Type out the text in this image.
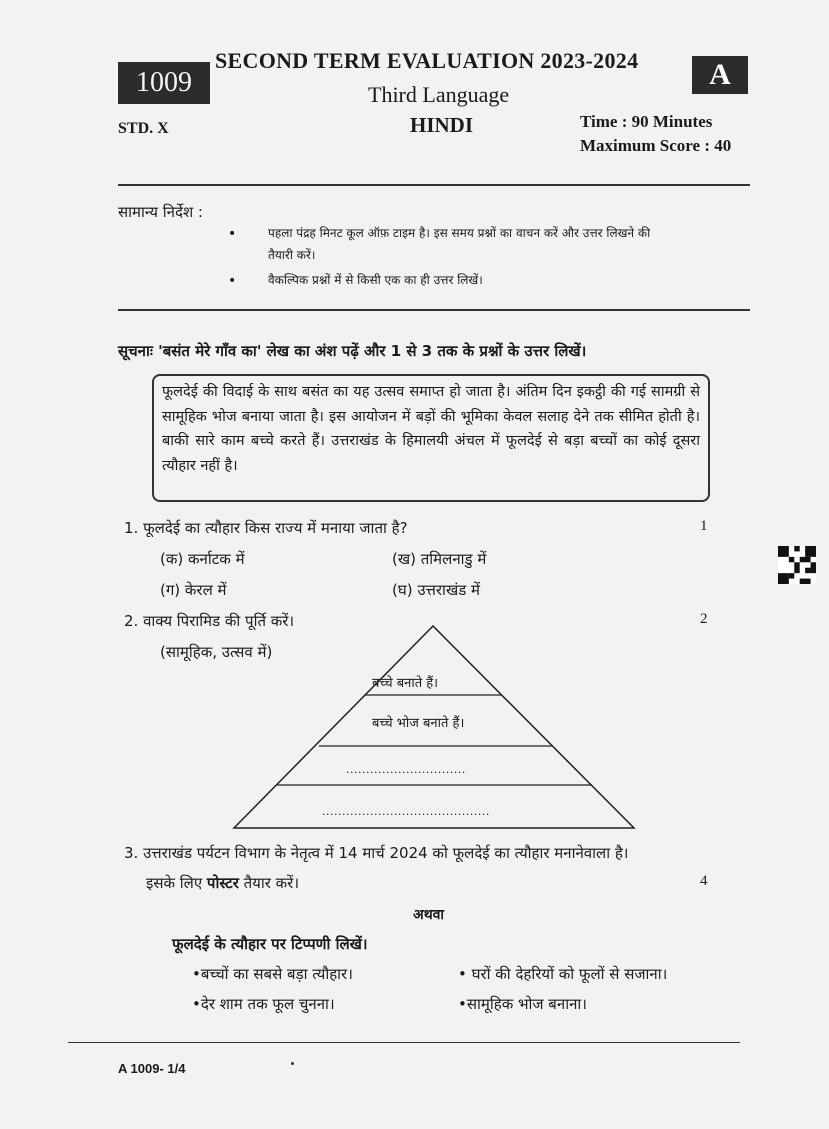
1009
SECOND TERM EVALUATION 2023-2024	A
Third Language
HINDI
STD. X	Time : 90 Minutes
Maximum Score : 40
सामान्य निर्देश :
•	पहला पंद्रह मिनट कूल ऑफ़ टाइम है। इस समय प्रश्नों का वाचन करें और उत्तर लिखने की
तैयारी करें।
•	वैकल्पिक प्रश्नों में से किसी एक का ही उत्तर लिखें।
सूचनाः 'बसंत मेरे गाँव का' लेख का अंश पढ़ें और 1 से 3 तक के प्रश्नों के उत्तर लिखें।
फूलदेई की विदाई के साथ बसंत का यह उत्सव समाप्त हो जाता है। अंतिम दिन इकट्ठी की गई सामग्री से सामूहिक भोज बनाया जाता है। इस आयोजन में बड़ों की भूमिका केवल सलाह देने तक सीमित होती है। बाकी सारे काम बच्चे करते हैं। उत्तराखंड के हिमालयी अंचल में फूलदेई से बड़ा बच्चों का कोई दूसरा त्यौहार नहीं है।
1. फूलदेई का त्यौहार किस राज्य में मनाया जाता है?	1
(क) कर्नाटक में	(ख) तमिलनाडु में
(ग) केरल में	(घ) उत्तराखंड में
2. वाक्य पिरामिड की पूर्ति करें।	2
(सामूहिक, उत्सव में)
बच्चे बनाते हैं।
बच्चे भोज बनाते हैं।
..............................
..........................................
3. उत्तराखंड पर्यटन विभाग के नेतृत्व में 14 मार्च 2024 को फूलदेई का त्यौहार मनानेवाला है।
इसके लिए पोस्टर तैयार करें।	4
अथवा
फूलदेई के त्यौहार पर टिप्पणी लिखें।
•बच्चों का सबसे बड़ा त्यौहार।	• घरों की देहरियों को फूलों से सजाना।
•देर शाम तक फूल चुनना।	•सामूहिक भोज बनाना।
A 1009- 1/4
